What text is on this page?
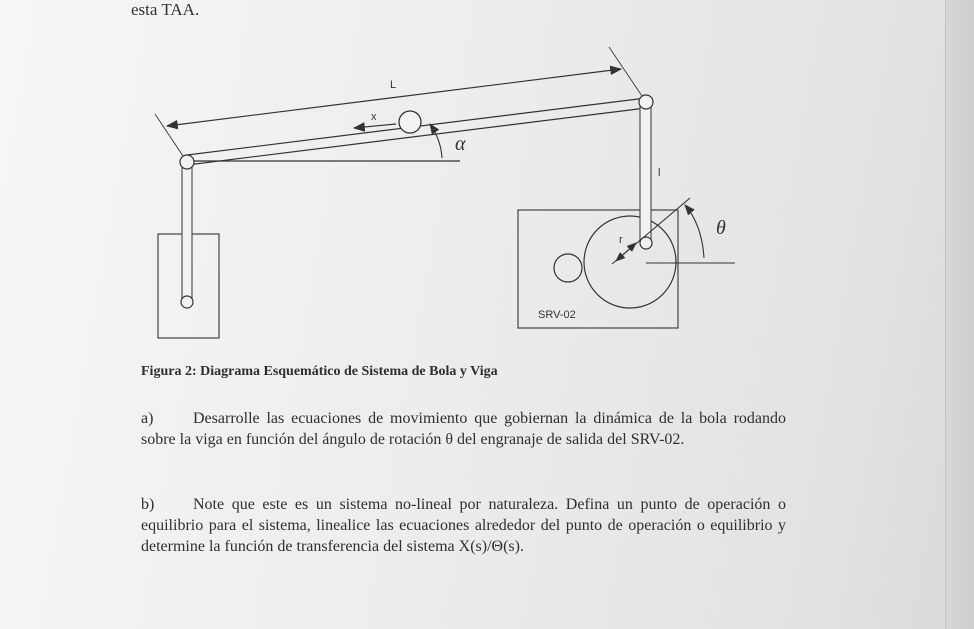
esta TAA.
L
α
x
SRV-02
l
r
θ
Figura 2: Diagrama Esquemático de Sistema de Bola y Viga
a) Desarrolle las ecuaciones de movimiento que gobiernan la dinámica de la bola rodando sobre la viga en función del ángulo de rotación θ del engranaje de salida del SRV-02.
b) Note que este es un sistema no-lineal por naturaleza. Defina un punto de operación o equilibrio para el sistema, linealice las ecuaciones alrededor del punto de operación o equilibrio y determine la función de transferencia del sistema X(s)/Θ(s).
